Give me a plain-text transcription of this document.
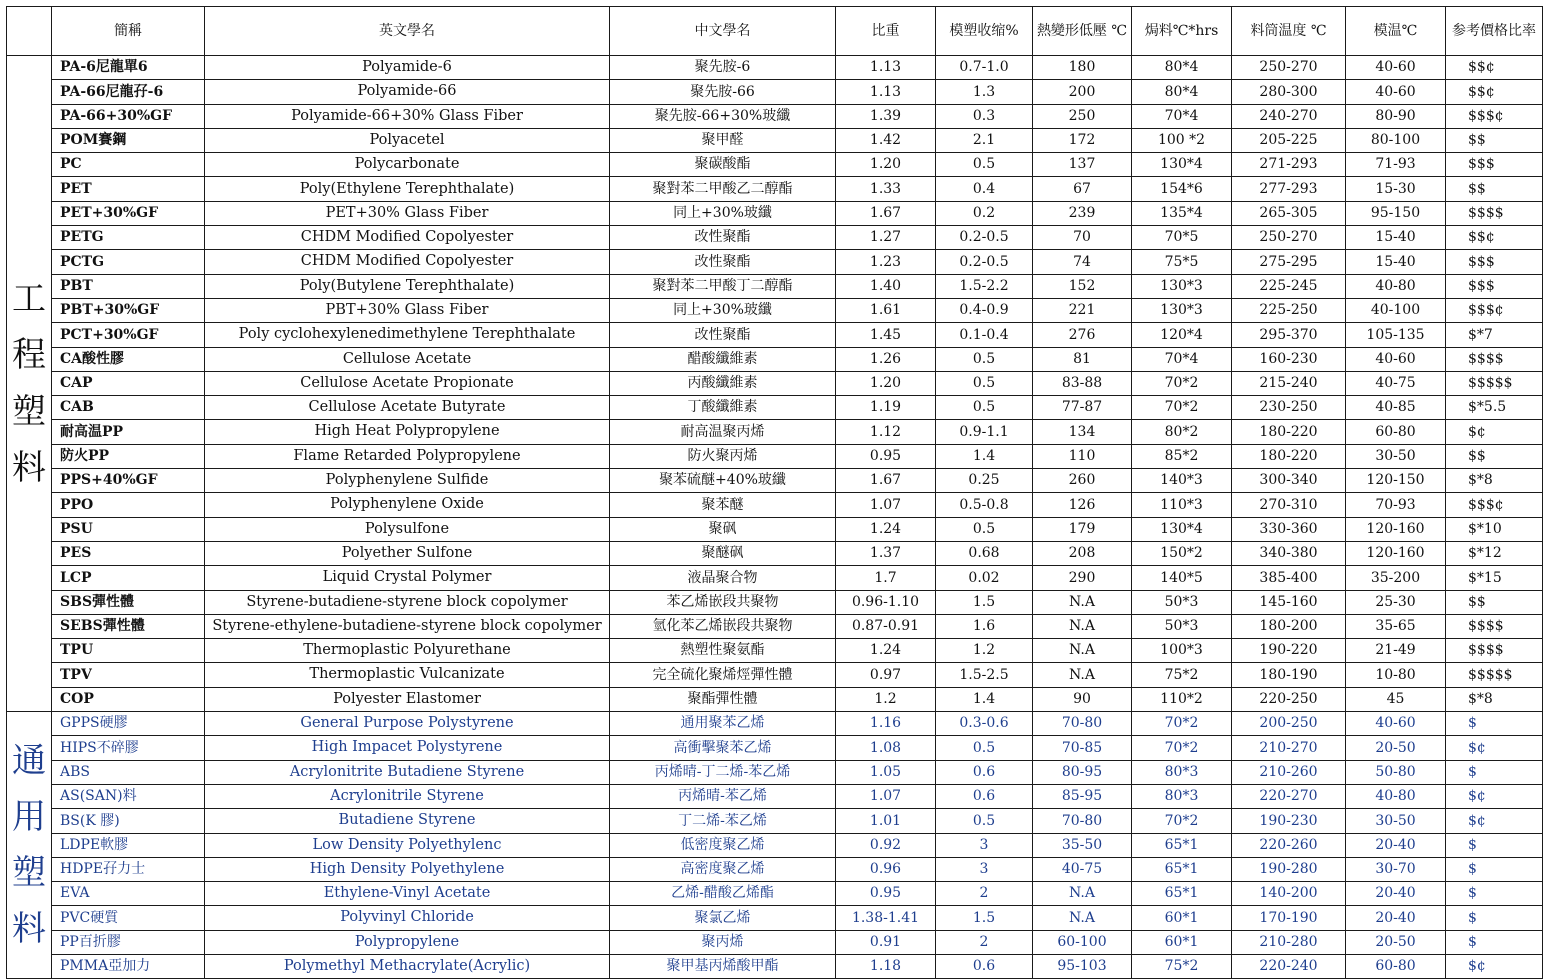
	簡稱	英文學名	中文學名	比重	模塑收缩%	熱變形低壓 ℃	焗料℃*hrs	料筒温度 ℃	模温℃	参考價格比率

工
程
塑
料	PA-6尼龍單6	Polyamide-6	聚先胺-6	1.13	0.7-1.0	180	80*4	250-270	40-60	$$¢
	PA-66尼龍孖-6	Polyamide-66	聚先胺-66	1.13	1.3	200	80*4	280-300	40-60	$$¢
	PA-66+30%GF	Polyamide-66+30% Glass Fiber	聚先胺-66+30%玻纖	1.39	0.3	250	70*4	240-270	80-90	$$$¢
	POM賽鋼	Polyacetel	聚甲醛	1.42	2.1	172	100 *2	205-225	80-100	$$
	PC	Polycarbonate	聚碳酸酯	1.20	0.5	137	130*4	271-293	71-93	$$$
	PET	Poly(Ethylene Terephthalate)	聚對苯二甲酸乙二醇酯	1.33	0.4	67	154*6	277-293	15-30	$$
	PET+30%GF	PET+30% Glass Fiber	同上+30%玻纖	1.67	0.2	239	135*4	265-305	95-150	$$$$
	PETG	CHDM Modified Copolyester	改性聚酯	1.27	0.2-0.5	70	70*5	250-270	15-40	$$¢
	PCTG	CHDM Modified Copolyester	改性聚酯	1.23	0.2-0.5	74	75*5	275-295	15-40	$$$
	PBT	Poly(Butylene Terephthalate)	聚對苯二甲酸丁二醇酯	1.40	1.5-2.2	152	130*3	225-245	40-80	$$$
	PBT+30%GF	PBT+30% Glass Fiber	同上+30%玻纖	1.61	0.4-0.9	221	130*3	225-250	40-100	$$$¢
	PCT+30%GF	Poly cyclohexylenedimethylene Terephthalate	改性聚酯	1.45	0.1-0.4	276	120*4	295-370	105-135	$*7
	CA酸性膠	Cellulose Acetate	醋酸纖維素	1.26	0.5	81	70*4	160-230	40-60	$$$$
	CAP	Cellulose Acetate Propionate	丙酸纖維素	1.20	0.5	83-88	70*2	215-240	40-75	$$$$$
	CAB	Cellulose Acetate Butyrate	丁酸纖維素	1.19	0.5	77-87	70*2	230-250	40-85	$*5.5
	耐高温PP	High Heat Polypropylene	耐高温聚丙烯	1.12	0.9-1.1	134	80*2	180-220	60-80	$¢
	防火PP	Flame Retarded Polypropylene	防火聚丙烯	0.95	1.4	110	85*2	180-220	30-50	$$
	PPS+40%GF	Polyphenylene Sulfide	聚苯硫醚+40%玻纖	1.67	0.25	260	140*3	300-340	120-150	$*8
	PPO	Polyphenylene Oxide	聚苯醚	1.07	0.5-0.8	126	110*3	270-310	70-93	$$$¢
	PSU	Polysulfone	聚砜	1.24	0.5	179	130*4	330-360	120-160	$*10
	PES	Polyether Sulfone	聚醚砜	1.37	0.68	208	150*2	340-380	120-160	$*12
	LCP	Liquid Crystal Polymer	液晶聚合物	1.7	0.02	290	140*5	385-400	35-200	$*15
	SBS彈性體	Styrene-butadiene-styrene block copolymer	苯乙烯嵌段共聚物	0.96-1.10	1.5	N.A	50*3	145-160	25-30	$$
	SEBS彈性體	Styrene-ethylene-butadiene-styrene block copolymer	氫化苯乙烯嵌段共聚物	0.87-0.91	1.6	N.A	50*3	180-200	35-65	$$$$
	TPU	Thermoplastic Polyurethane	熱塑性聚氨酯	1.24	1.2	N.A	100*3	190-220	21-49	$$$$
	TPV	Thermoplastic Vulcanizate	完全硫化聚烯烴彈性體	0.97	1.5-2.5	N.A	75*2	180-190	10-80	$$$$$
	COP	Polyester Elastomer	聚酯彈性體	1.2	1.4	90	110*2	220-250	45	$*8

通
用
塑
料	GPPS硬膠	General Purpose Polystyrene	通用聚苯乙烯	1.16	0.3-0.6	70-80	70*2	200-250	40-60	$
	HIPS不碎膠	High Impacet Polystyrene	高衝擊聚苯乙烯	1.08	0.5	70-85	70*2	210-270	20-50	$¢
	ABS	Acrylonitrite Butadiene Styrene	丙烯晴-丁二烯-苯乙烯	1.05	0.6	80-95	80*3	210-260	50-80	$
	AS(SAN)料	Acrylonitrile Styrene	丙烯晴-苯乙烯	1.07	0.6	85-95	80*3	220-270	40-80	$¢
	BS(K 膠)	Butadiene Styrene	丁二烯-苯乙烯	1.01	0.5	70-80	70*2	190-230	30-50	$¢
	LDPE軟膠	Low Density Polyethylenc	低密度聚乙烯	0.92	3	35-50	65*1	220-260	20-40	$
	HDPE孖力士	High Density Polyethylene	高密度聚乙烯	0.96	3	40-75	65*1	190-280	30-70	$
	EVA	Ethylene-Vinyl Acetate	乙烯-醋酸乙烯酯	0.95	2	N.A	65*1	140-200	20-40	$
	PVC硬質	Polyvinyl Chloride	聚氯乙烯	1.38-1.41	1.5	N.A	60*1	170-190	20-40	$
	PP百折膠	Polypropylene	聚丙烯	0.91	2	60-100	60*1	210-280	20-50	$
	PMMA亞加力	Polymethyl Methacrylate(Acrylic)	聚甲基丙烯酸甲酯	1.18	0.6	95-103	75*2	220-240	60-80	$¢
